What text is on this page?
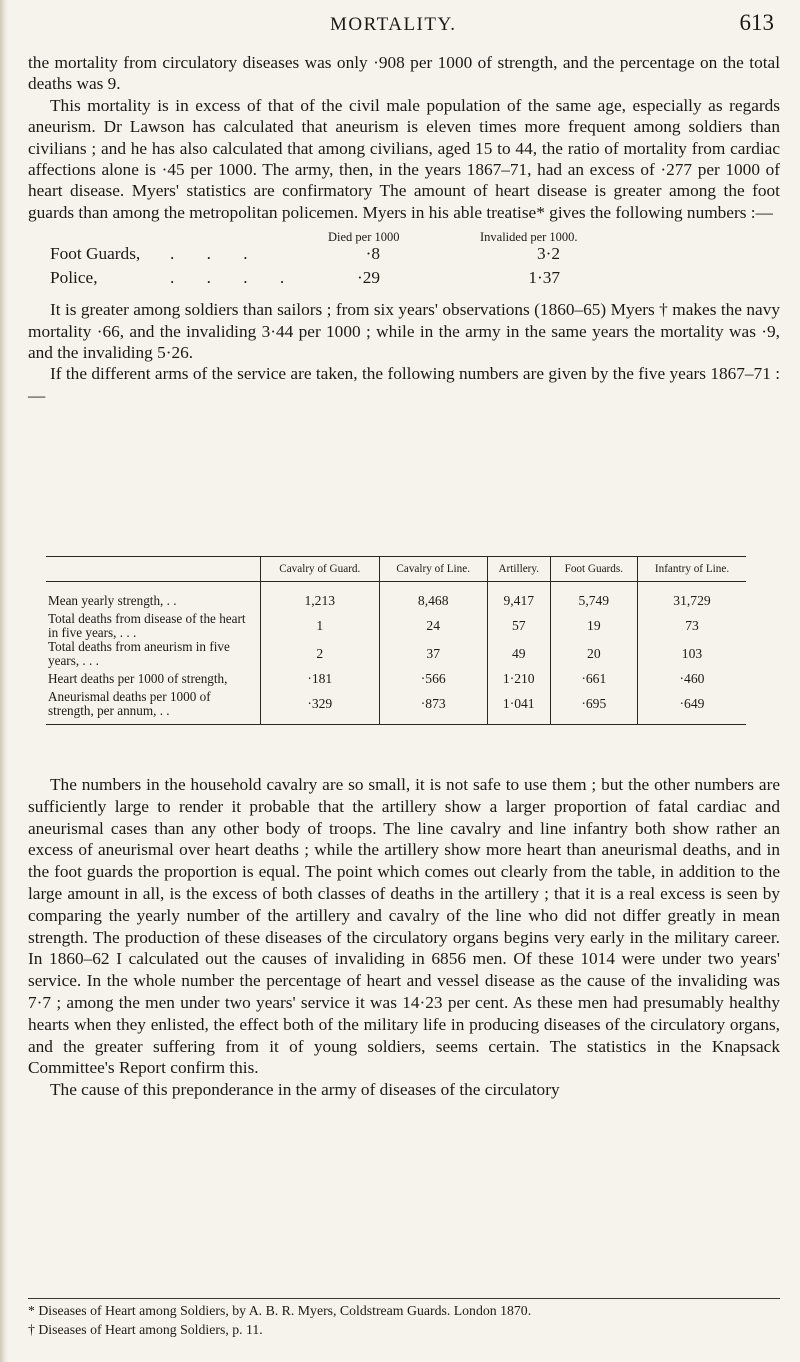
MORTALITY.	613

the mortality from circulatory diseases was only ·908 per 1000 of strength, and the percentage on the total deaths was 9.

This mortality is in excess of that of the civil male population of the same age, especially as regards aneurism. Dr Lawson has calculated that aneurism is eleven times more frequent among soldiers than civilians ; and he has also calculated that among civilians, aged 15 to 44, the ratio of mortality from cardiac affections alone is ·45 per 1000. The army, then, in the years 1867–71, had an excess of ·277 per 1000 of heart disease. Myers' statistics are confirmatory The amount of heart disease is greater among the foot guards than among the metropolitan policemen. Myers in his able treatise* gives the following numbers :—

Died per 1000	Invalided per 1000.
Foot Guards, . . .	·8	3·2
Police,	. . . .	·29	1·37

It is greater among soldiers than sailors ; from six years' observations (1860–65) Myers † makes the navy mortality ·66, and the invaliding 3·44 per 1000 ; while in the army in the same years the mortality was ·9, and the invaliding 5·26.

If the different arms of the service are taken, the following numbers are given by the five years 1867–71 :—

	Cavalry of Guard.	Cavalry of Line.	Artillery.	Foot Guards.	Infantry of Line.
Mean yearly strength, . .	1,213	8,468	9,417	5,749	31,729
Total deaths from disease of the heart in five years, . . .	1	24	57	19	73
Total deaths from aneurism in five years, . . .	2	37	49	20	103
Heart deaths per 1000 of strength,	·181	·566	1·210	·661	·460
Aneurismal deaths per 1000 of strength, per annum, . .	·329	·873	1·041	·695	·649

The numbers in the household cavalry are so small, it is not safe to use them ; but the other numbers are sufficiently large to render it probable that the artillery show a larger proportion of fatal cardiac and aneurismal cases than any other body of troops. The line cavalry and line infantry both show rather an excess of aneurismal over heart deaths ; while the artillery show more heart than aneurismal deaths, and in the foot guards the proportion is equal. The point which comes out clearly from the table, in addition to the large amount in all, is the excess of both classes of deaths in the artillery ; that it is a real excess is seen by comparing the yearly number of the artillery and cavalry of the line who did not differ greatly in mean strength. The production of these diseases of the circulatory organs begins very early in the military career. In 1860–62 I calculated out the causes of invaliding in 6856 men. Of these 1014 were under two years' service. In the whole number the percentage of heart and vessel disease as the cause of the invaliding was 7·7 ; among the men under two years' service it was 14·23 per cent. As these men had presumably healthy hearts when they enlisted, the effect both of the military life in producing diseases of the circulatory organs, and the greater suffering from it of young soldiers, seems certain. The statistics in the Knapsack Committee's Report confirm this.

The cause of this preponderance in the army of diseases of the circulatory

* Diseases of Heart among Soldiers, by A. B. R. Myers, Coldstream Guards. London 1870.

† Diseases of Heart among Soldiers, p. 11.
